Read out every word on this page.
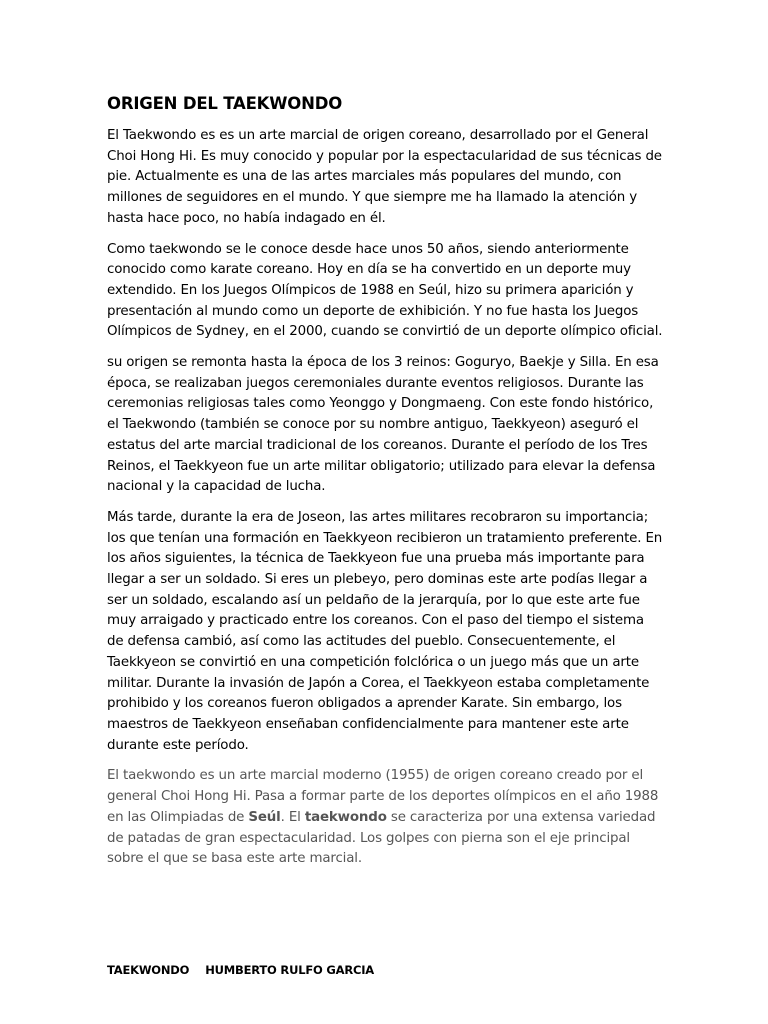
ORIGEN DEL TAEKWONDO

El Taekwondo es es un arte marcial de origen coreano, desarrollado por el General Choi Hong Hi. Es muy conocido y popular por la espectacularidad de sus técnicas de pie. Actualmente es una de las artes marciales más populares del mundo, con millones de seguidores en el mundo. Y que siempre me ha llamado la atención y hasta hace poco, no había indagado en él.

Como taekwondo se le conoce desde hace unos 50 años, siendo anteriormente conocido como karate coreano. Hoy en día se ha convertido en un deporte muy extendido. En los Juegos Olímpicos de 1988 en Seúl, hizo su primera aparición y presentación al mundo como un deporte de exhibición. Y no fue hasta los Juegos Olímpicos de Sydney, en el 2000, cuando se convirtió de un deporte olímpico oficial.

su origen se remonta hasta la época de los 3 reinos: Goguryo, Baekje y Silla. En esa época, se realizaban juegos ceremoniales durante eventos religiosos. Durante las ceremonias religiosas tales como Yeonggo y Dongmaeng. Con este fondo histórico, el Taekwondo (también se conoce por su nombre antiguo, Taekkyeon) aseguró el estatus del arte marcial tradicional de los coreanos. Durante el período de los Tres Reinos, el Taekkyeon fue un arte militar obligatorio; utilizado para elevar la defensa nacional y la capacidad de lucha.

Más tarde, durante la era de Joseon, las artes militares recobraron su importancia; los que tenían una formación en Taekkyeon recibieron un tratamiento preferente. En los años siguientes, la técnica de Taekkyeon fue una prueba más importante para llegar a ser un soldado. Si eres un plebeyo, pero dominas este arte podías llegar a ser un soldado, escalando así un peldaño de la jerarquía, por lo que este arte fue muy arraigado y practicado entre los coreanos. Con el paso del tiempo el sistema de defensa cambió, así como las actitudes del pueblo. Consecuentemente, el Taekkyeon se convirtió en una competición folclórica o un juego más que un arte militar. Durante la invasión de Japón a Corea, el Taekkyeon estaba completamente prohibido y los coreanos fueron obligados a aprender Karate. Sin embargo, los maestros de Taekkyeon enseñaban confidencialmente para mantener este arte durante este período.

El taekwondo es un arte marcial moderno (1955) de origen coreano creado por el general Choi Hong Hi. Pasa a formar parte de los deportes olímpicos en el año 1988 en las Olimpiadas de Seúl. El taekwondo se caracteriza por una extensa variedad de patadas de gran espectacularidad. Los golpes con pierna son el eje principal sobre el que se basa este arte marcial.

TAEKWONDO HUMBERTO RULFO GARCIA
